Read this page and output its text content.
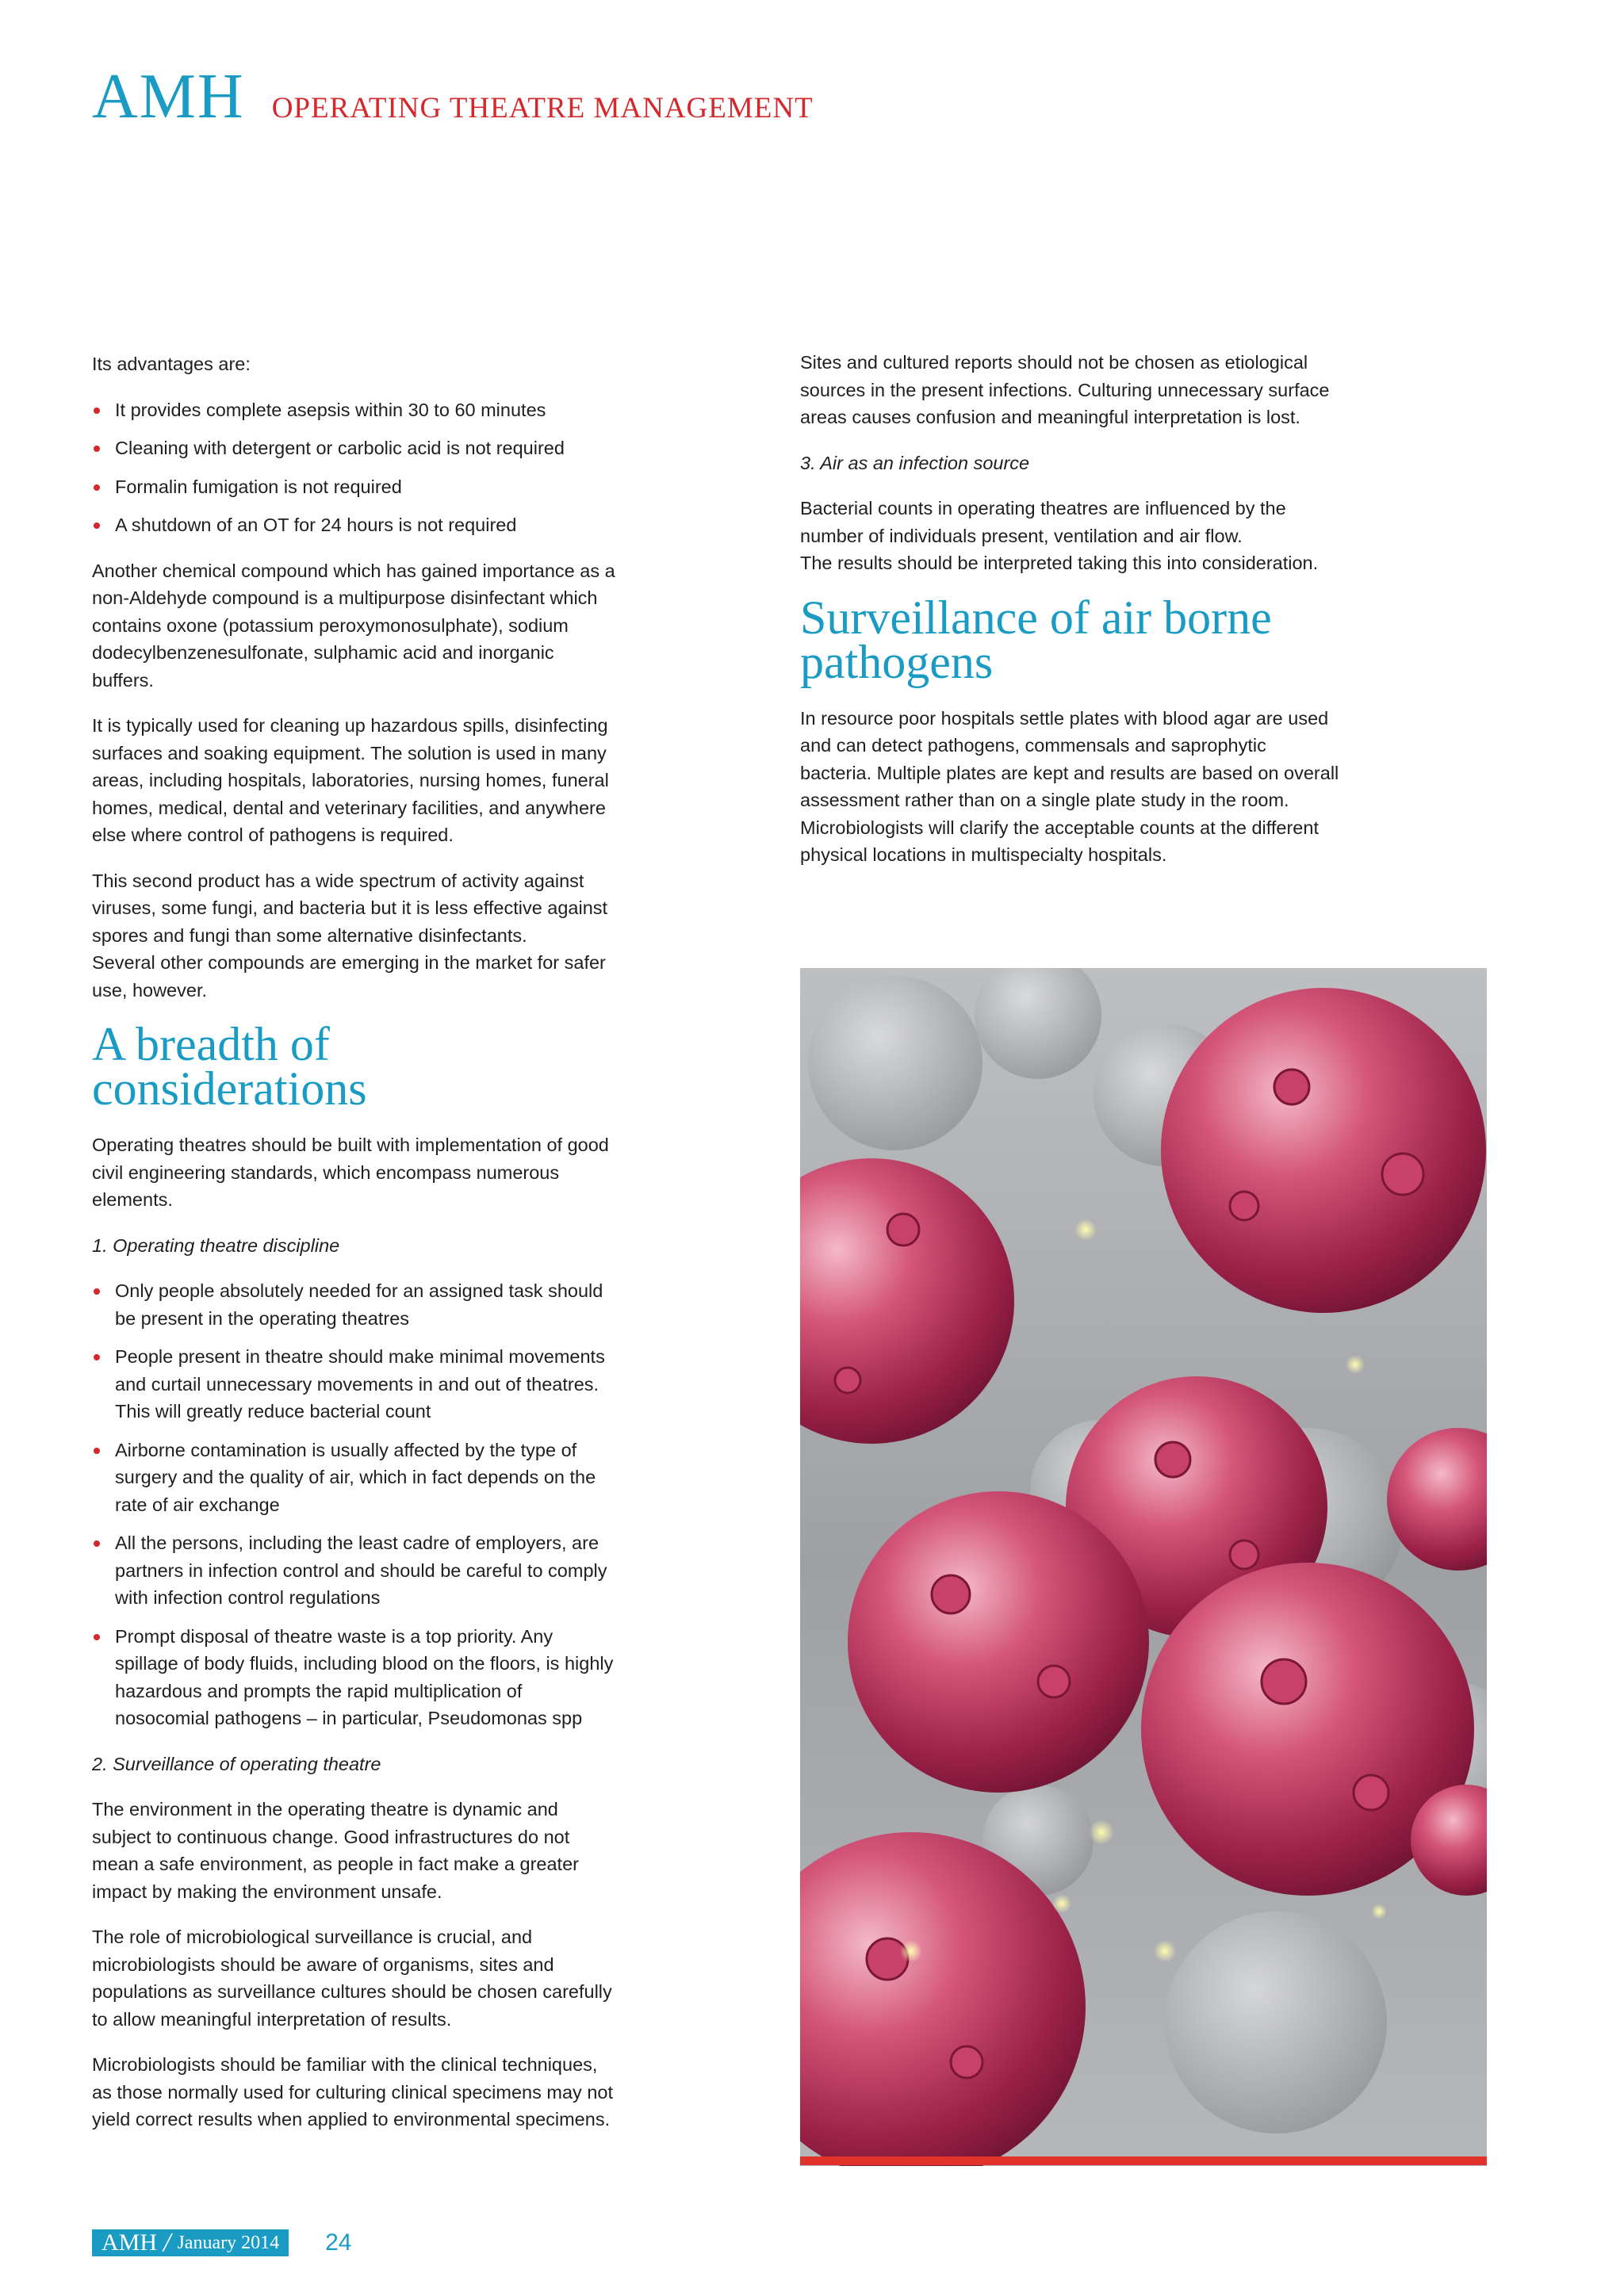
AMH OPERATING THEATRE MANAGEMENT

Its advantages are:

It provides complete asepsis within 30 to 60 minutes
Cleaning with detergent or carbolic acid is not required
Formalin fumigation is not required
A shutdown of an OT for 24 hours is not required

Another chemical compound which has gained importance as a non-Aldehyde compound is a multipurpose disinfectant which contains oxone (potassium peroxymonosulphate), sodium dodecylbenzenesulfonate, sulphamic acid and inorganic buffers.

It is typically used for cleaning up hazardous spills, disinfecting surfaces and soaking equipment. The solution is used in many areas, including hospitals, laboratories, nursing homes, funeral homes, medical, dental and veterinary facilities, and anywhere else where control of pathogens is required.

This second product has a wide spectrum of activity against viruses, some fungi, and bacteria but it is less effective against spores and fungi than some alternative disinfectants.
Several other compounds are emerging in the market for safer use, however.

A breadth of considerations

Operating theatres should be built with implementation of good civil engineering standards, which encompass numerous elements.

1. Operating theatre discipline

Only people absolutely needed for an assigned task should be present in the operating theatres
People present in theatre should make minimal movements and curtail unnecessary movements in and out of theatres. This will greatly reduce bacterial count
Airborne contamination is usually affected by the type of surgery and the quality of air, which in fact depends on the rate of air exchange
All the persons, including the least cadre of employers, are partners in infection control and should be careful to comply with infection control regulations
Prompt disposal of theatre waste is a top priority. Any spillage of body fluids, including blood on the floors, is highly hazardous and prompts the rapid multiplication of nosocomial pathogens – in particular, Pseudomonas spp

2. Surveillance of operating theatre

The environment in the operating theatre is dynamic and subject to continuous change. Good infrastructures do not mean a safe environment, as people in fact make a greater impact by making the environment unsafe.

The role of microbiological surveillance is crucial, and microbiologists should be aware of organisms, sites and populations as surveillance cultures should be chosen carefully to allow meaningful interpretation of results.

Microbiologists should be familiar with the clinical techniques, as those normally used for culturing clinical specimens may not yield correct results when applied to environmental specimens.

Sites and cultured reports should not be chosen as etiological sources in the present infections. Culturing unnecessary surface areas causes confusion and meaningful interpretation is lost.

3. Air as an infection source

Bacterial counts in operating theatres are influenced by the number of individuals present, ventilation and air flow.
The results should be interpreted taking this into consideration.

Surveillance of air borne pathogens

In resource poor hospitals settle plates with blood agar are used and can detect pathogens, commensals and saprophytic bacteria. Multiple plates are kept and results are based on overall assessment rather than on a single plate study in the room. Microbiologists will clarify the acceptable counts at the different physical locations in multispecialty hospitals.

AMH / January 2014 24
